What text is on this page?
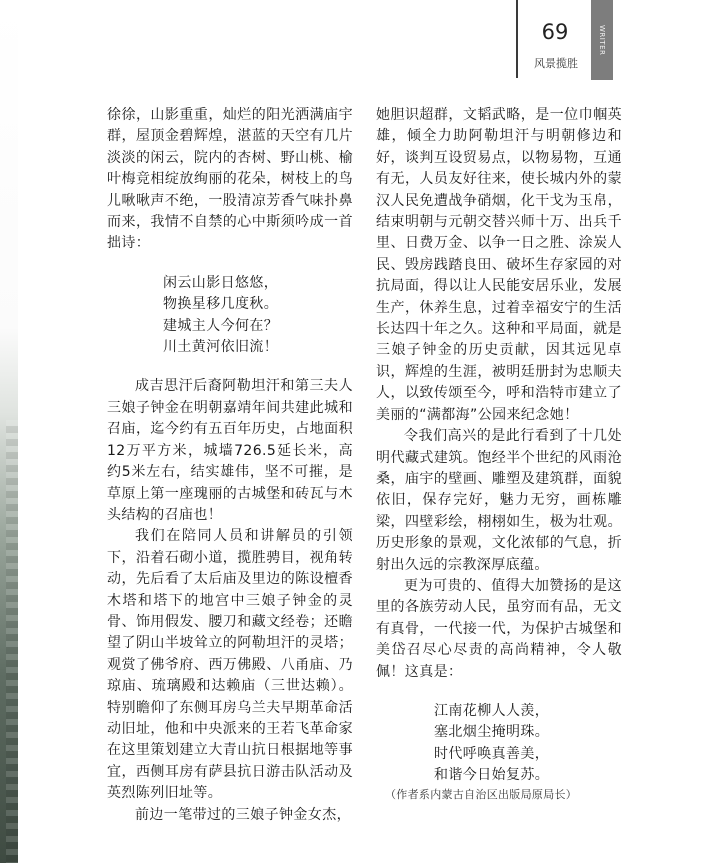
69
风景揽胜
WRITER

徐徐，山影重重，灿烂的阳光洒满庙宇群，屋顶金碧辉煌，湛蓝的天空有几片淡淡的闲云，院内的杏树、野山桃、榆叶梅竞相绽放绚丽的花朵，树枝上的鸟儿啾啾声不绝，一股清凉芳香气味扑鼻而来，我情不自禁的心中斯须吟成一首拙诗：

闲云山影日悠悠，
物换星移几度秋。
建城主人今何在？
川土黄河依旧流！

成吉思汗后裔阿勒坦汗和第三夫人三娘子钟金在明朝嘉靖年间共建此城和召庙，迄今约有五百年历史，占地面积12万平方米，城墙726.5延长米，高约5米左右，结实雄伟，坚不可摧，是草原上第一座瑰丽的古城堡和砖瓦与木头结构的召庙也！

我们在陪同人员和讲解员的引领下，沿着石砌小道，揽胜骋目，视角转动，先后看了太后庙及里边的陈设檀香木塔和塔下的地宫中三娘子钟金的灵骨、饰用假发、腰刀和藏文经卷；还瞻望了阴山半坡耸立的阿勒坦汗的灵塔；观赏了佛爷府、西万佛殿、八甬庙、乃琼庙、琉璃殿和达赖庙（三世达赖）。特别瞻仰了东侧耳房乌兰夫早期革命活动旧址，他和中央派来的王若飞革命家在这里策划建立大青山抗日根据地等事宜，西侧耳房有萨县抗日游击队活动及英烈陈列旧址等。

前边一笔带过的三娘子钟金女杰，

她胆识超群，文韬武略，是一位巾帼英雄，倾全力助阿勒坦汗与明朝修边和好，谈判互设贸易点，以物易物，互通有无，人员友好往来，使长城内外的蒙汉人民免遭战争硝烟，化干戈为玉帛，结束明朝与元朝交替兴师十万、出兵千里、日费万金、以争一日之胜、涂炭人民、毁房践踏良田、破坏生存家园的对抗局面，得以让人民能安居乐业，发展生产，休养生息，过着幸福安宁的生活长达四十年之久。这种和平局面，就是三娘子钟金的历史贡献，因其远见卓识，辉煌的生涯，被明廷册封为忠顺夫人，以致传颂至今，呼和浩特市建立了美丽的“满都海”公园来纪念她！

令我们高兴的是此行看到了十几处明代藏式建筑。饱经半个世纪的风雨沧桑，庙宇的壁画、雕塑及建筑群，面貌依旧，保存完好，魅力无穷，画栋雕梁，四壁彩绘，栩栩如生，极为壮观。历史形象的景观，文化浓郁的气息，折射出久远的宗教深厚底蕴。

更为可贵的、值得大加赞扬的是这里的各族劳动人民，虽穷而有品，无文有真骨，一代接一代，为保护古城堡和美岱召尽心尽责的高尚精神，令人敬佩！这真是：

江南花柳人人羡，
塞北烟尘掩明珠。
时代呼唤真善美，
和谐今日始复苏。
（作者系内蒙古自治区出版局原局长）
